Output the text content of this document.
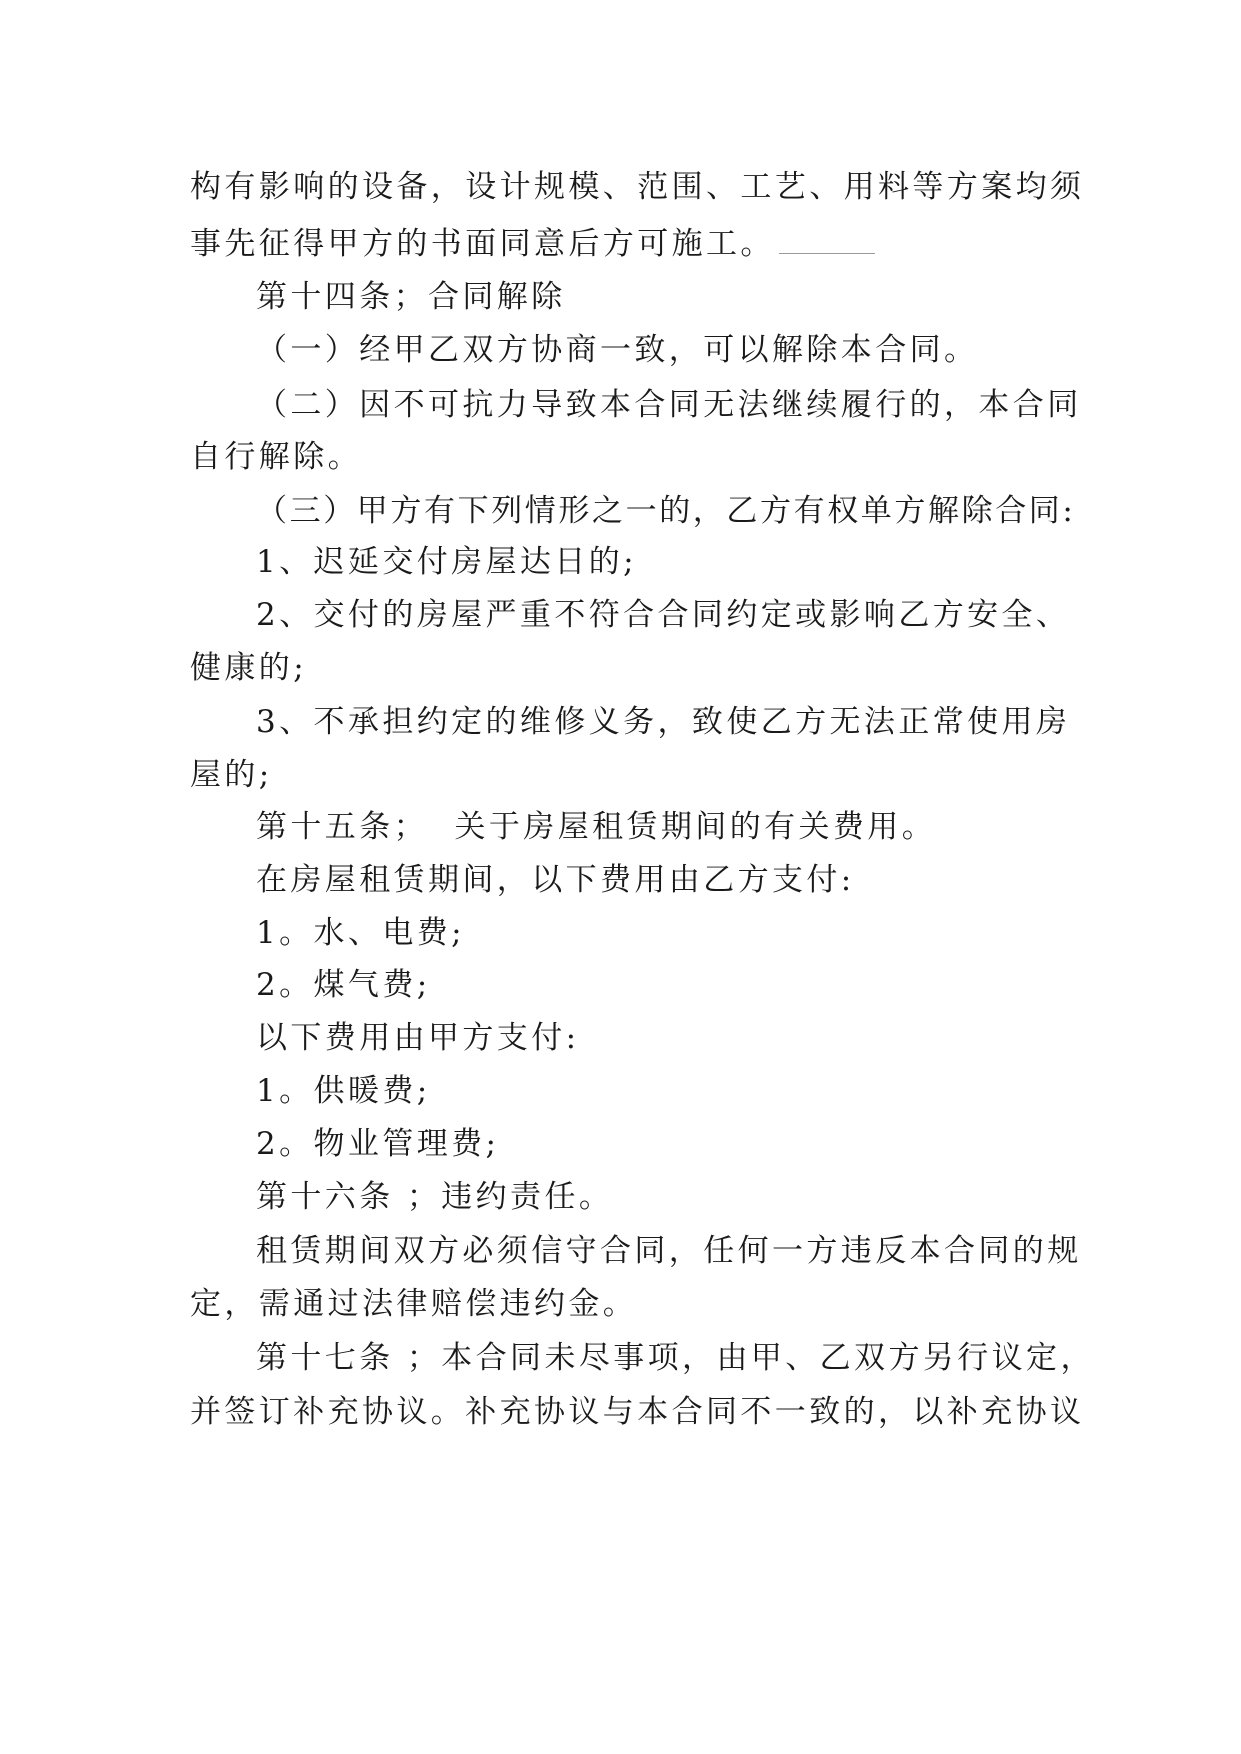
构有影响的设备，设计规模、范围、工艺、用料等方案均须
事先征得甲方的书面同意后方可施工。
第十四条；合同解除
（一）经甲乙双方协商一致，可以解除本合同。
（二）因不可抗力导致本合同无法继续履行的，本合同
自行解除。
（三）甲方有下列情形之一的，乙方有权单方解除合同:
1、迟延交付房屋达日的;
2、交付的房屋严重不符合合同约定或影响乙方安全、
健康的;
3、不承担约定的维修义务，致使乙方无法正常使用房
屋的;
第十五条；  关于房屋租赁期间的有关费用。
在房屋租赁期间，以下费用由乙方支付:
1。水、电费;
2。煤气费;
以下费用由甲方支付:
1。供暖费;
2。物业管理费;
第十六条 ；违约责任。
租赁期间双方必须信守合同，任何一方违反本合同的规
定，需通过法律赔偿违约金。
第十七条 ；本合同未尽事项，由甲、乙双方另行议定，
并签订补充协议。补充协议与本合同不一致的，以补充协议
